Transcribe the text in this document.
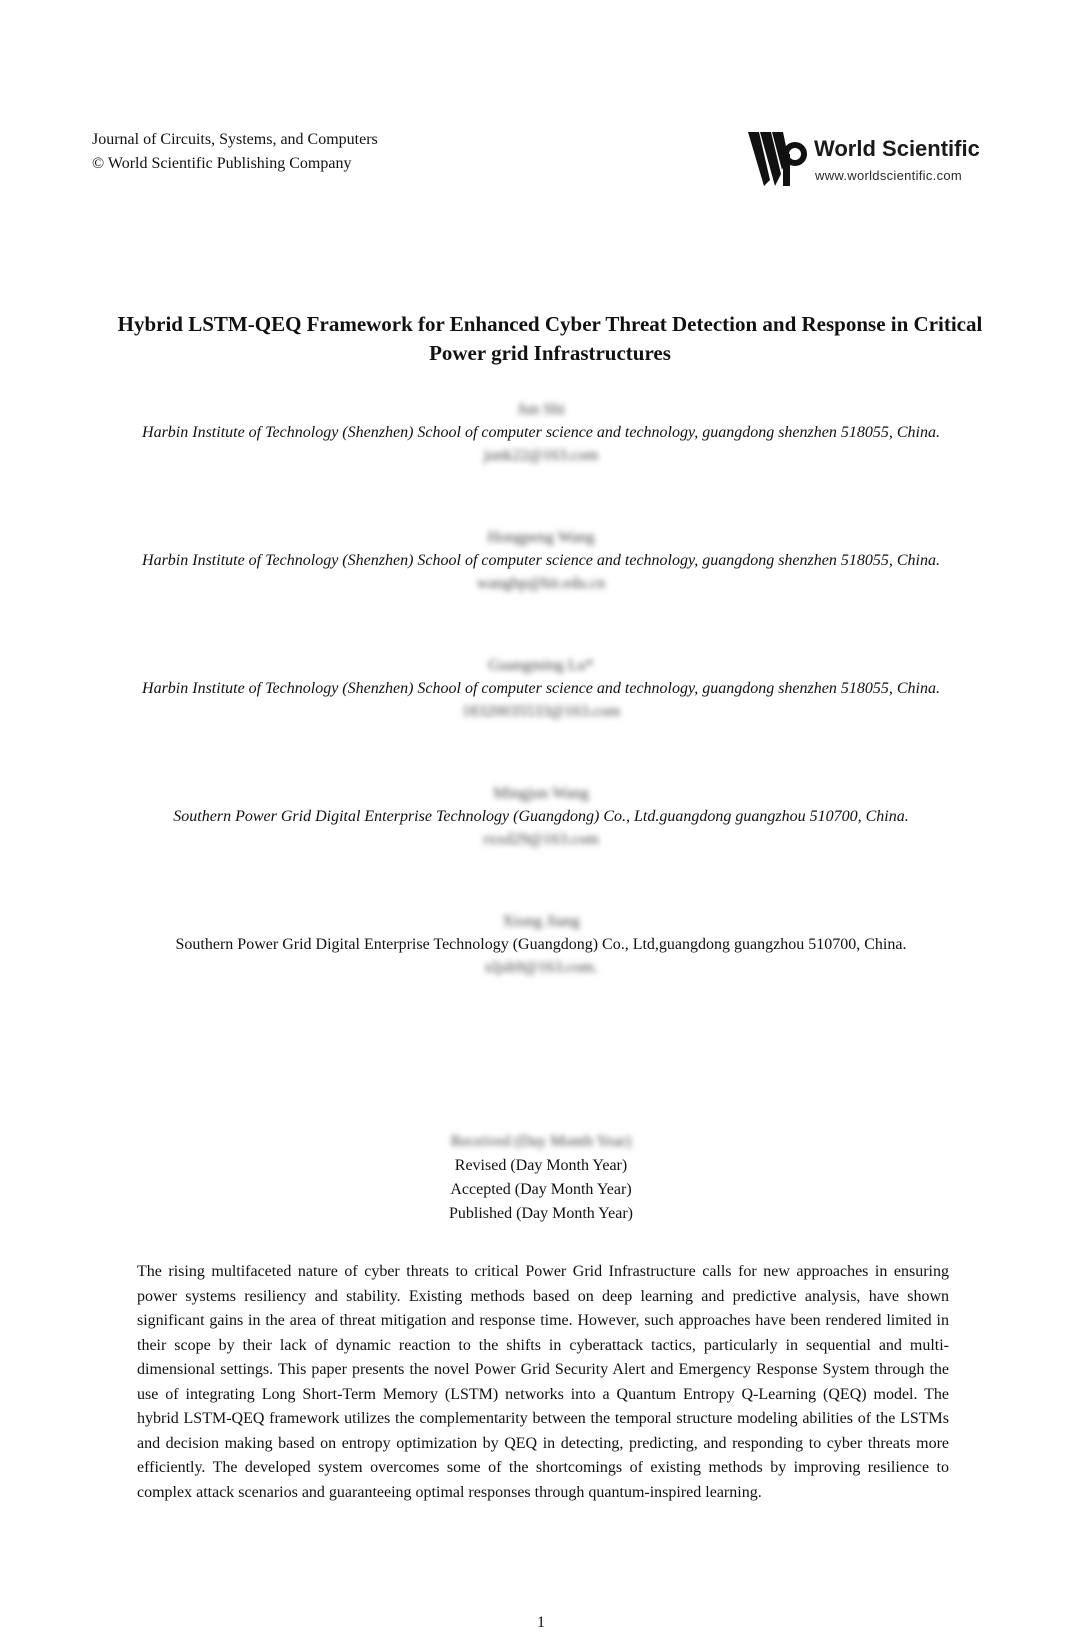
Journal of Circuits, Systems, and Computers
© World Scientific Publishing Company
World Scientific
www.worldscientific.com
Hybrid LSTM-QEQ Framework for Enhanced Cyber Threat Detection and Response in Critical Power grid Infrastructures
Jun Shi
Harbin Institute of Technology (Shenzhen) School of computer science and technology, guangdong shenzhen 518055, China.
junk22@163.com
Hongpeng Wang
Harbin Institute of Technology (Shenzhen) School of computer science and technology, guangdong shenzhen 518055, China.
wanghp@hit.edu.cn
Guangming Lu*
Harbin Institute of Technology (Shenzhen) School of computer science and technology, guangdong shenzhen 518055, China.
18320035533@163.com
Mingjun Wang
Southern Power Grid Digital Enterprise Technology (Guangdong) Co., Ltd.guangdong guangzhou 510700, China.
rxxd29@163.com
Xiong Jiang
Southern Power Grid Digital Enterprise Technology (Guangdong) Co., Ltd,guangdong guangzhou 510700, China.
xljsh9@163.com.
Received (Day Month Year)
Revised (Day Month Year)
Accepted (Day Month Year)
Published (Day Month Year)
The rising multifaceted nature of cyber threats to critical Power Grid Infrastructure calls for new approaches in ensuring power systems resiliency and stability. Existing methods based on deep learning and predictive analysis, have shown significant gains in the area of threat mitigation and response time. However, such approaches have been rendered limited in their scope by their lack of dynamic reaction to the shifts in cyberattack tactics, particularly in sequential and multi-dimensional settings. This paper presents the novel Power Grid Security Alert and Emergency Response System through the use of integrating Long Short-Term Memory (LSTM) networks into a Quantum Entropy Q-Learning (QEQ) model. The hybrid LSTM-QEQ framework utilizes the complementarity between the temporal structure modeling abilities of the LSTMs and decision making based on entropy optimization by QEQ in detecting, predicting, and responding to cyber threats more efficiently. The developed system overcomes some of the shortcomings of existing methods by improving resilience to complex attack scenarios and guaranteeing optimal responses through quantum-inspired learning.
1
